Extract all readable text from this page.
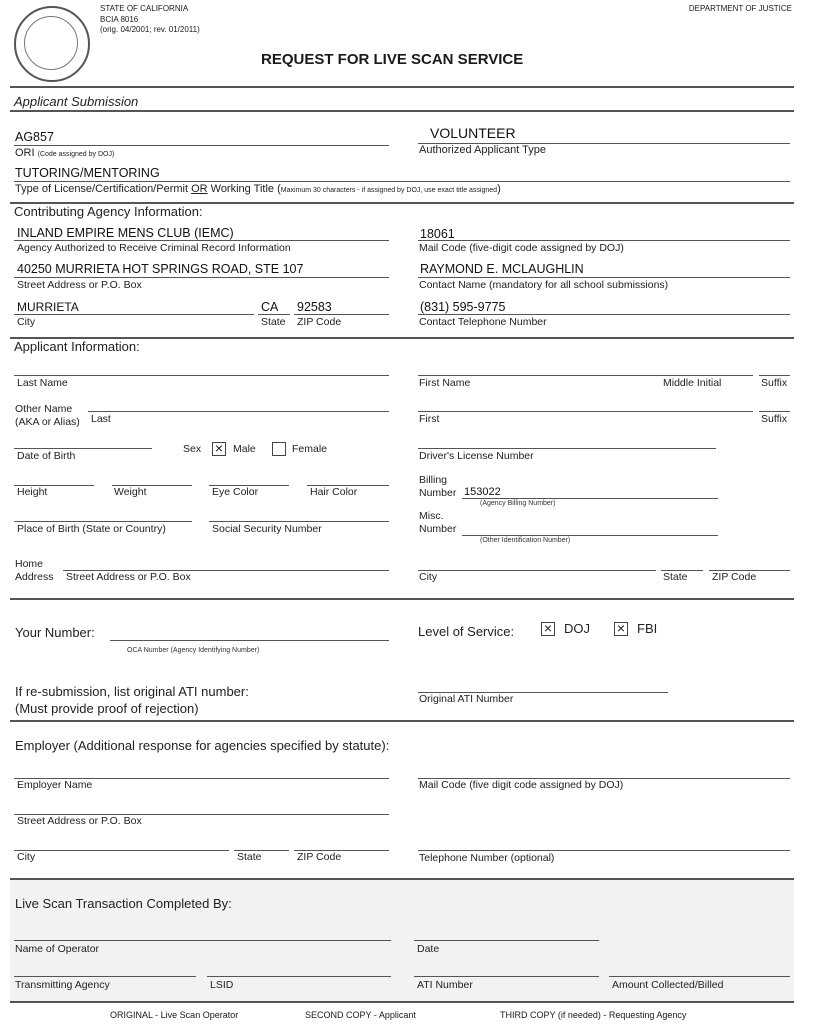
STATE OF CALIFORNIA
BCIA 8016
(orig. 04/2001; rev. 01/2011)
DEPARTMENT OF JUSTICE
REQUEST FOR LIVE SCAN SERVICE
Applicant Submission
AG857
ORI (Code assigned by DOJ)
VOLUNTEER
Authorized Applicant Type
TUTORING/MENTORING
Type of License/Certification/Permit OR Working Title (Maximum 30 characters - if assigned by DOJ, use exact title assigned)
Contributing Agency Information:
INLAND EMPIRE MENS CLUB (IEMC)
Agency Authorized to Receive Criminal Record Information
18061
Mail Code (five-digit code assigned by DOJ)
40250 MURRIETA HOT SPRINGS ROAD, STE 107
Street Address or P.O. Box
RAYMOND E. MCLAUGHLIN
Contact Name (mandatory for all school submissions)
MURRIETA
City
CA
State
92583
ZIP Code
(831) 595-9775
Contact Telephone Number
Applicant Information:
Last Name	First Name	Middle Initial	Suffix
Other Name
(AKA or Alias) Last	First	Suffix
Date of Birth
Sex × Male	Female
Driver's License Number
Height	Weight	Eye Color	Hair Color
Billing
Number 153022
(Agency Billing Number)
Place of Birth (State or Country)	Social Security Number
Misc.
Number
(Other Identification Number)
Home
Address Street Address or P.O. Box	City	State ZIP Code
Your Number:
OCA Number (Agency Identifying Number)
Level of Service: × DOJ × FBI
If re-submission, list original ATI number:
(Must provide proof of rejection)
Original ATI Number
Employer (Additional response for agencies specified by statute):
Employer Name	Mail Code (five digit code assigned by DOJ)
Street Address or P.O. Box
City	State	ZIP Code	Telephone Number (optional)
Live Scan Transaction Completed By:
Name of Operator	Date
Transmitting Agency	LSID	ATI Number	Amount Collected/Billed
ORIGINAL - Live Scan Operator	SECOND COPY - Applicant	THIRD COPY (if needed) - Requesting Agency
